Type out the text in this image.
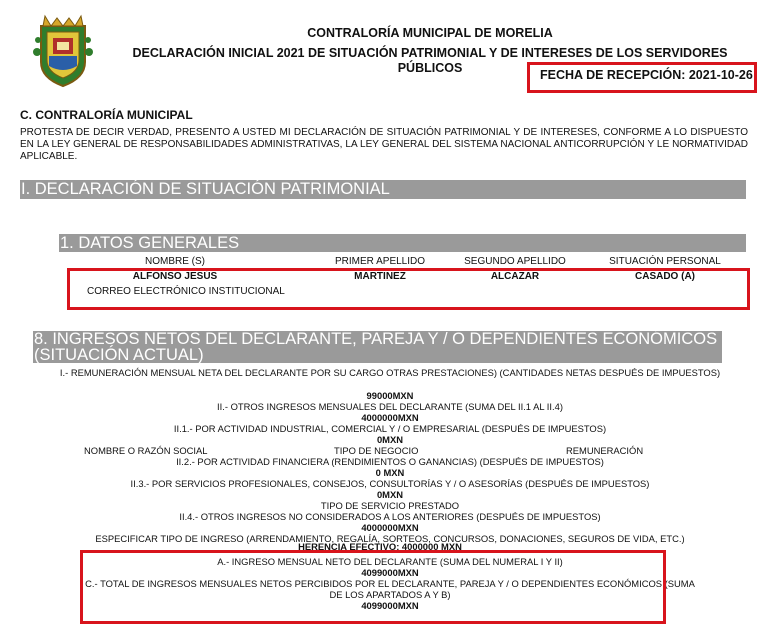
CONTRALORÍA MUNICIPAL DE MORELIA
DECLARACIÓN INICIAL 2021 DE SITUACIÓN PATRIMONIAL Y DE INTERESES DE LOS SERVIDORES PÚBLICOS	FECHA DE RECEPCIÓN: 2021-10-26
C. CONTRALORÍA MUNICIPAL
PROTESTA DE DECIR VERDAD, PRESENTO A USTED MI DECLARACIÓN DE SITUACIÓN PATRIMONIAL Y DE INTERESES, CONFORME A LO DISPUESTO EN LA LEY GENERAL DE RESPONSABILIDADES ADMINISTRATIVAS, LA LEY GENERAL DEL SISTEMA NACIONAL ANTICORRUPCIÓN Y LE NORMATIVIDAD APLICABLE.
I. DECLARACIÓN DE SITUACIÓN PATRIMONIAL
1. DATOS GENERALES
NOMBRE (S)	PRIMER APELLIDO	SEGUNDO APELLIDO	SITUACIÓN PERSONAL
ALFONSO JESÚS	MARTINEZ	ALCAZAR	CASADO (A)
CORREO ELECTRÓNICO INSTITUCIONAL
8. INGRESOS NETOS DEL DECLARANTE, PAREJA Y / O DEPENDIENTES ECONÓMICOS (SITUACIÓN ACTUAL)
I.- REMUNERACIÓN MENSUAL NETA DEL DECLARANTE POR SU CARGO OTRAS PRESTACIONES) (CANTIDADES NETAS DESPUÉS DE IMPUESTOS)
99000MXN
II.- OTROS INGRESOS MENSUALES DEL DECLARANTE (SUMA DEL II.1 AL II.4)
4000000MXN
II.1.- POR ACTIVIDAD INDUSTRIAL, COMERCIAL Y / O EMPRESARIAL (DESPUÉS DE IMPUESTOS)
0MXN
NOMBRE O RAZÓN SOCIAL	TIPO DE NEGOCIO	REMUNERACIÓN
II.2.- POR ACTIVIDAD FINANCIERA (RENDIMIENTOS O GANANCIAS) (DESPUÉS DE IMPUESTOS)
0 MXN
II.3.- POR SERVICIOS PROFESIONALES, CONSEJOS, CONSULTORÍAS Y / O ASESORÍAS (DESPUÉS DE IMPUESTOS)
0MXN
TIPO DE SERVICIO PRESTADO
II.4.- OTROS INGRESOS NO CONSIDERADOS A LOS ANTERIORES (DESPUÉS DE IMPUESTOS)
4000000MXN
ESPECIFICAR TIPO DE INGRESO (ARRENDAMIENTO, REGALÍA, SORTEOS, CONCURSOS, DONACIONES, SEGUROS DE VIDA, ETC.)
HERENCIA EFECTIVO: 4000000 MXN
A.- INGRESO MENSUAL NETO DEL DECLARANTE (SUMA DEL NUMERAL I Y II)
4099000MXN
C.- TOTAL DE INGRESOS MENSUALES NETOS PERCIBIDOS POR EL DECLARANTE, PAREJA Y / O DEPENDIENTES ECONÓMICOS (SUMA DE LOS APARTADOS A Y B)
4099000MXN
